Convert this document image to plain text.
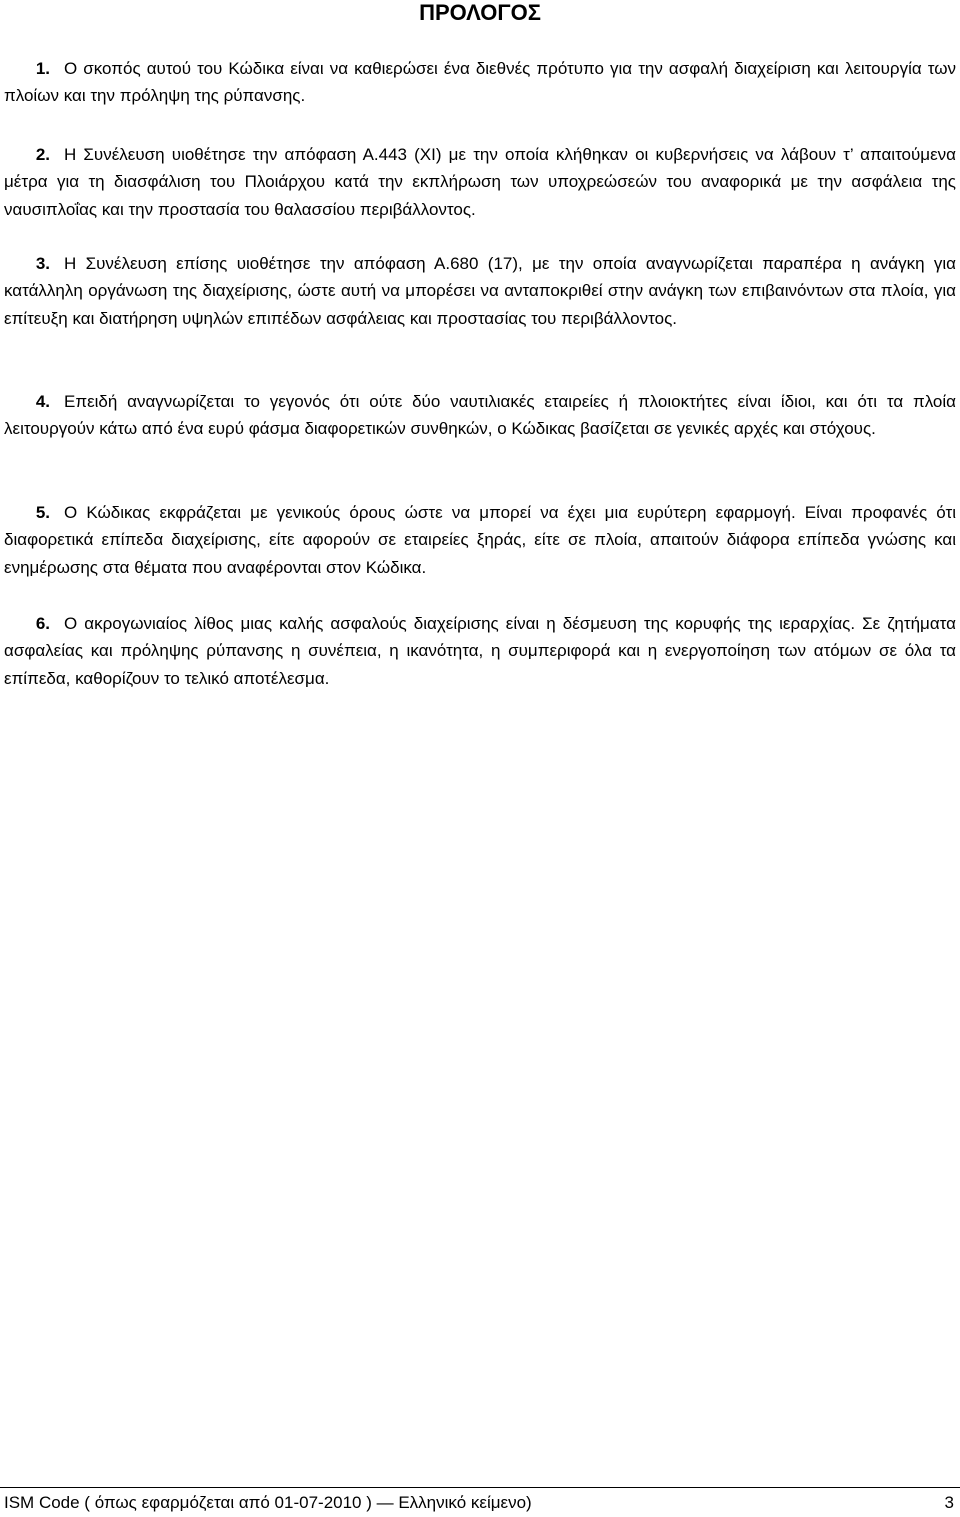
ΠΡΟΛΟΓΟΣ
1. Ο σκοπός αυτού του Κώδικα είναι να καθιερώσει ένα διεθνές πρότυπο για την ασφαλή διαχείριση και λειτουργία των πλοίων και την πρόληψη της ρύπανσης.
2. Η Συνέλευση υιοθέτησε την απόφαση Α.443 (XI) με την οποία κλήθηκαν οι κυβερνήσεις να λάβουν τ’ απαιτούμενα μέτρα για τη διασφάλιση του Πλοιάρχου κατά την εκπλήρωση των υποχρεώσεών του αναφορικά με την ασφάλεια της ναυσιπλοΐας και την προστασία του θαλασσίου περιβάλλοντος.
3. Η Συνέλευση επίσης υιοθέτησε την απόφαση Α.680 (17), με την οποία αναγνωρίζεται παραπέρα η ανάγκη για κατάλληλη οργάνωση της διαχείρισης, ώστε αυτή να μπορέσει να ανταποκριθεί στην ανάγκη των επιβαινόντων στα πλοία, για επίτευξη και διατήρηση υψηλών επιπέδων ασφάλειας και προστασίας του περιβάλλοντος.
4. Επειδή αναγνωρίζεται το γεγονός ότι ούτε δύο ναυτιλιακές εταιρείες ή πλοιοκτήτες είναι ίδιοι, και ότι τα πλοία λειτουργούν κάτω από ένα ευρύ φάσμα διαφορετικών συνθηκών, ο Κώδικας βασίζεται σε γενικές αρχές και στόχους.
5. Ο Κώδικας εκφράζεται με γενικούς όρους ώστε να μπορεί να έχει μια ευρύτερη εφαρμογή. Είναι προφανές ότι διαφορετικά επίπεδα διαχείρισης, είτε αφορούν σε εταιρείες ξηράς, είτε σε πλοία, απαιτούν διάφορα επίπεδα γνώσης και ενημέρωσης στα θέματα που αναφέρονται στον Κώδικα.
6. Ο ακρογωνιαίος λίθος μιας καλής ασφαλούς διαχείρισης είναι η δέσμευση της κορυφής της ιεραρχίας. Σε ζητήματα ασφαλείας και πρόληψης ρύπανσης η συνέπεια, η ικανότητα, η συμπεριφορά και η ενεργοποίηση των ατόμων σε όλα τα επίπεδα, καθορίζουν το τελικό αποτέλεσμα.
ISM Code ( όπως εφαρμόζεται από 01-07-2010 ) — Ελληνικό κείμενο)	3
